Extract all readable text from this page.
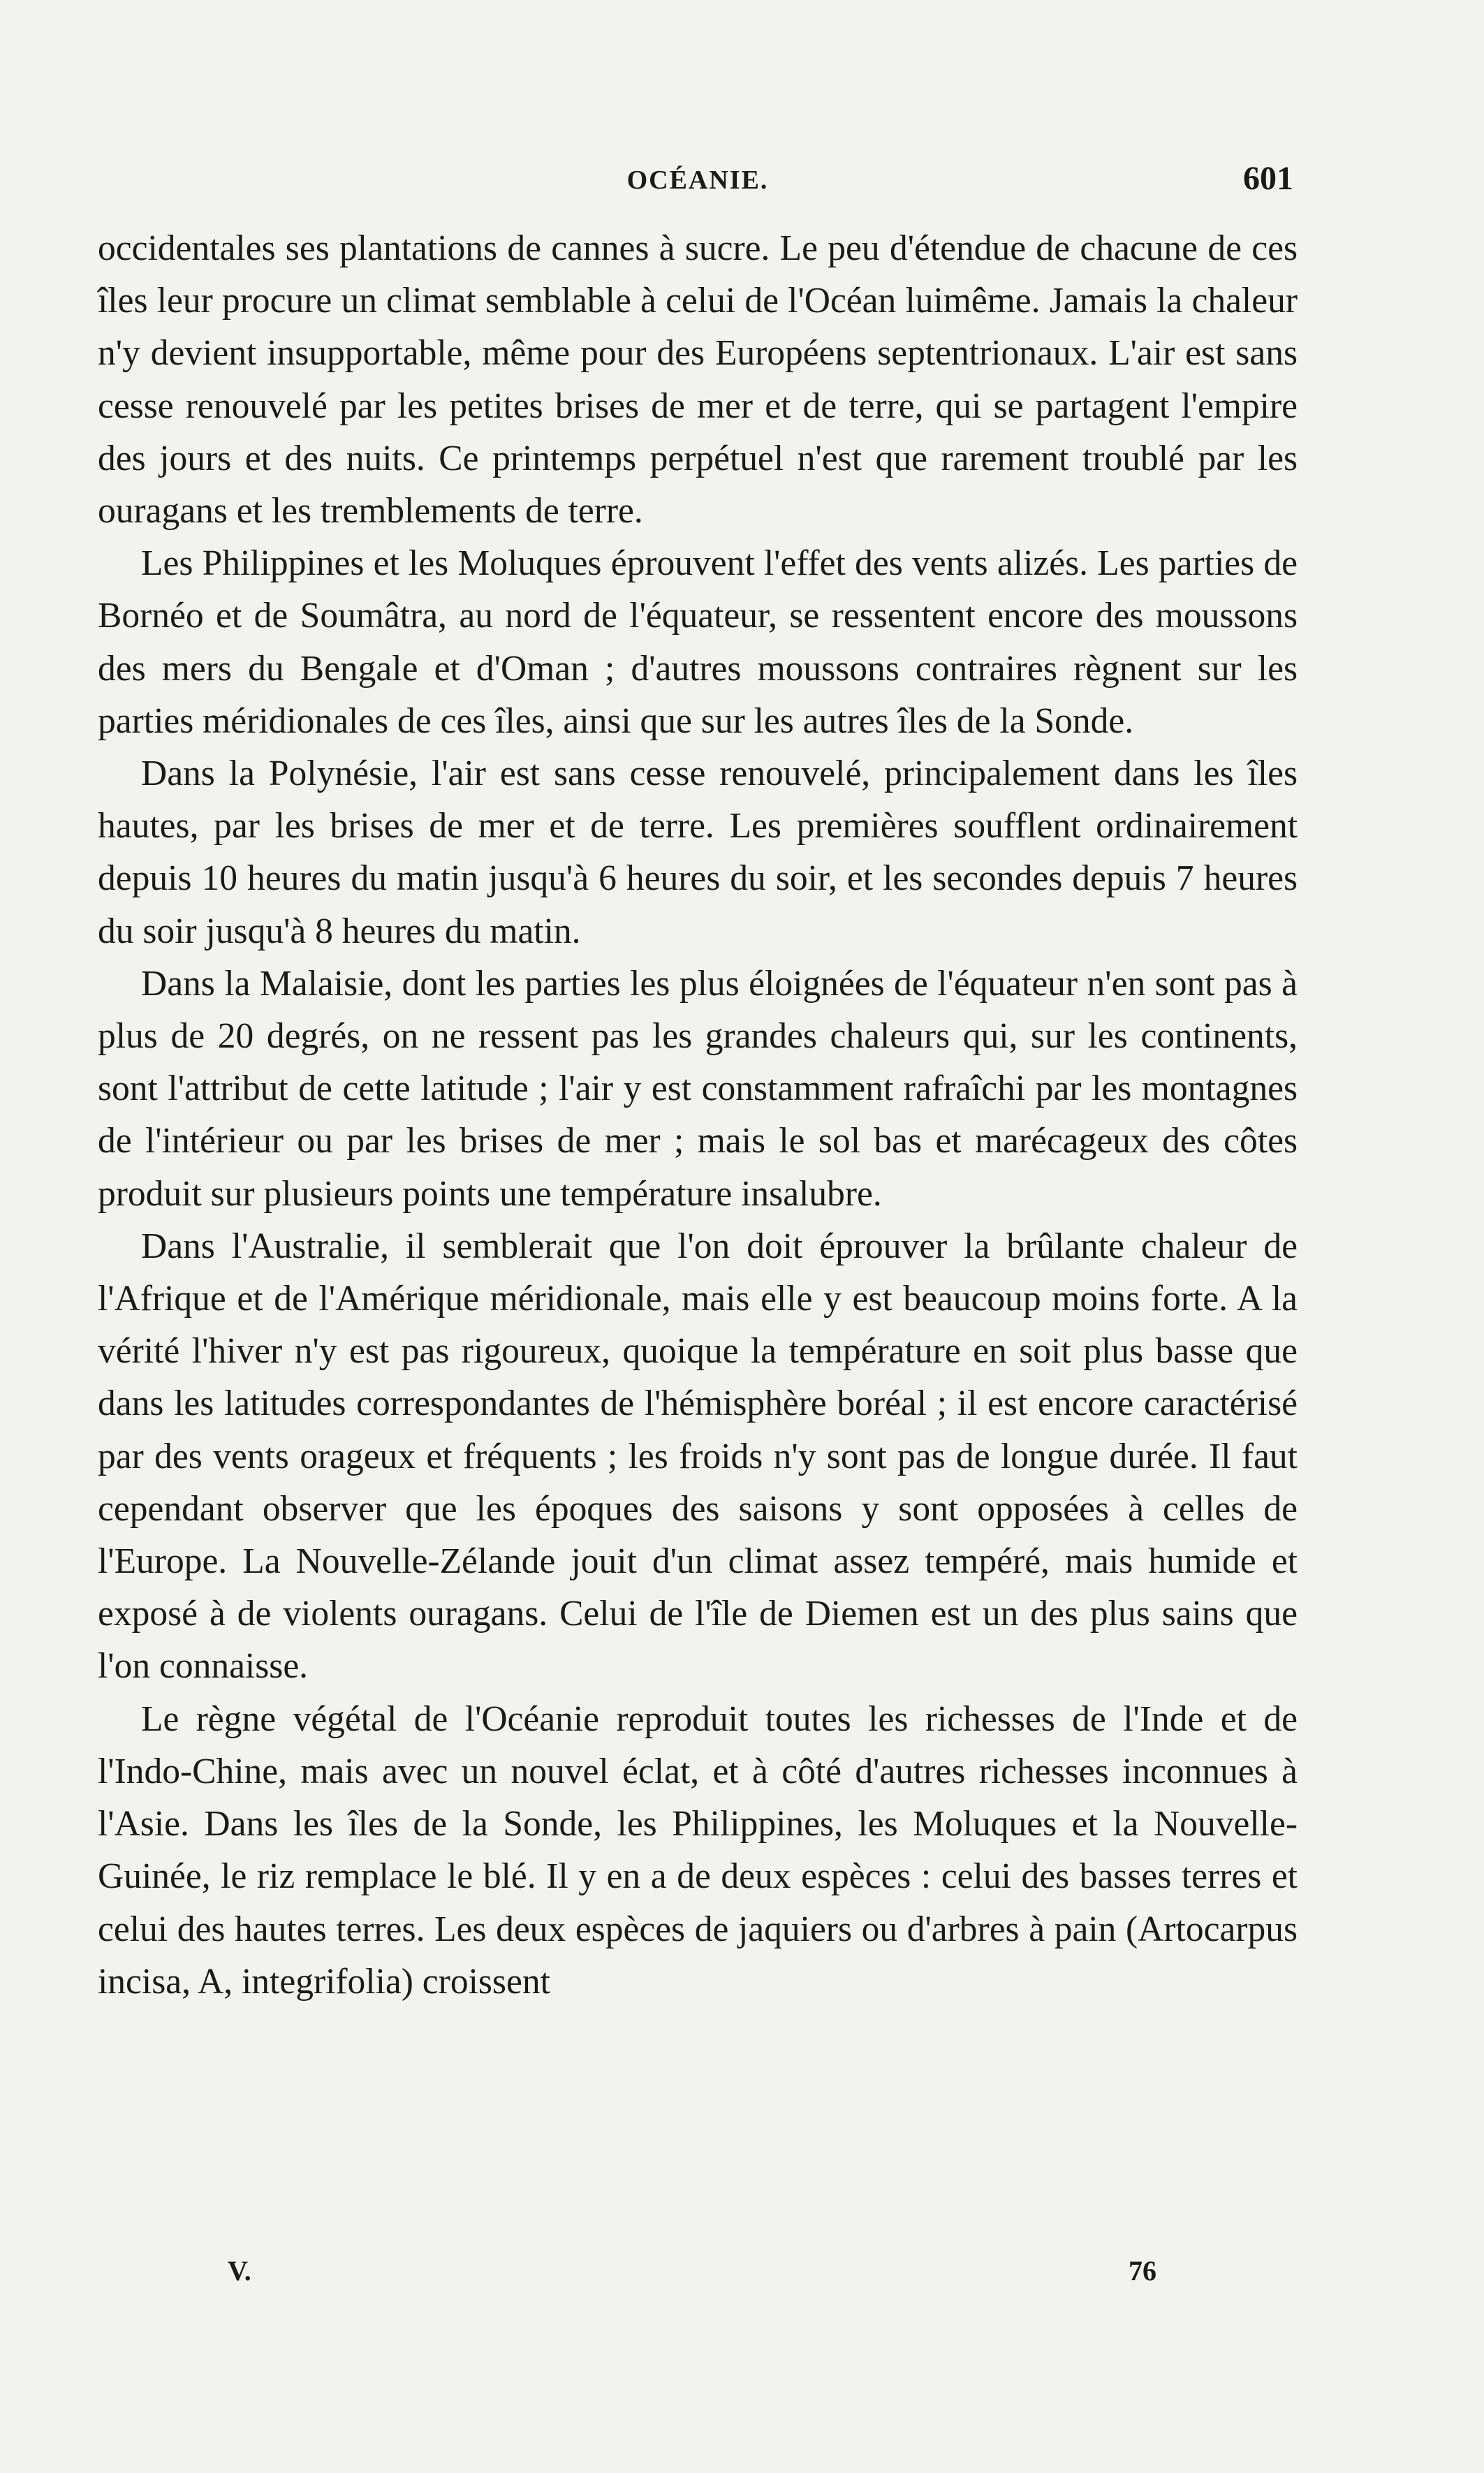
OCÉANIE.	601

occidentales ses plantations de cannes à sucre. Le peu d'étendue de chacune de ces îles leur procure un climat semblable à celui de l'Océan luimême. Jamais la chaleur n'y devient insupportable, même pour des Européens septentrionaux. L'air est sans cesse renouvelé par les petites brises de mer et de terre, qui se partagent l'empire des jours et des nuits. Ce printemps perpétuel n'est que rarement troublé par les ouragans et les tremblements de terre.

Les Philippines et les Moluques éprouvent l'effet des vents alizés. Les parties de Bornéo et de Soumâtra, au nord de l'équateur, se ressentent encore des moussons des mers du Bengale et d'Oman ; d'autres moussons contraires règnent sur les parties méridionales de ces îles, ainsi que sur les autres îles de la Sonde.

Dans la Polynésie, l'air est sans cesse renouvelé, principalement dans les îles hautes, par les brises de mer et de terre. Les premières soufflent ordinairement depuis 10 heures du matin jusqu'à 6 heures du soir, et les secondes depuis 7 heures du soir jusqu'à 8 heures du matin.

Dans la Malaisie, dont les parties les plus éloignées de l'équateur n'en sont pas à plus de 20 degrés, on ne ressent pas les grandes chaleurs qui, sur les continents, sont l'attribut de cette latitude ; l'air y est constamment rafraîchi par les montagnes de l'intérieur ou par les brises de mer ; mais le sol bas et marécageux des côtes produit sur plusieurs points une température insalubre.

Dans l'Australie, il semblerait que l'on doit éprouver la brûlante chaleur de l'Afrique et de l'Amérique méridionale, mais elle y est beaucoup moins forte. A la vérité l'hiver n'y est pas rigoureux, quoique la température en soit plus basse que dans les latitudes correspondantes de l'hémisphère boréal ; il est encore caractérisé par des vents orageux et fréquents ; les froids n'y sont pas de longue durée. Il faut cependant observer que les époques des saisons y sont opposées à celles de l'Europe. La Nouvelle-Zélande jouit d'un climat assez tempéré, mais humide et exposé à de violents ouragans. Celui de l'île de Diemen est un des plus sains que l'on connaisse.

Le règne végétal de l'Océanie reproduit toutes les richesses de l'Inde et de l'Indo-Chine, mais avec un nouvel éclat, et à côté d'autres richesses inconnues à l'Asie. Dans les îles de la Sonde, les Philippines, les Moluques et la Nouvelle-Guinée, le riz remplace le blé. Il y en a de deux espèces : celui des basses terres et celui des hautes terres. Les deux espèces de jaquiers ou d'arbres à pain (Artocarpus incisa, A, integrifolia) croissent

V.	76
